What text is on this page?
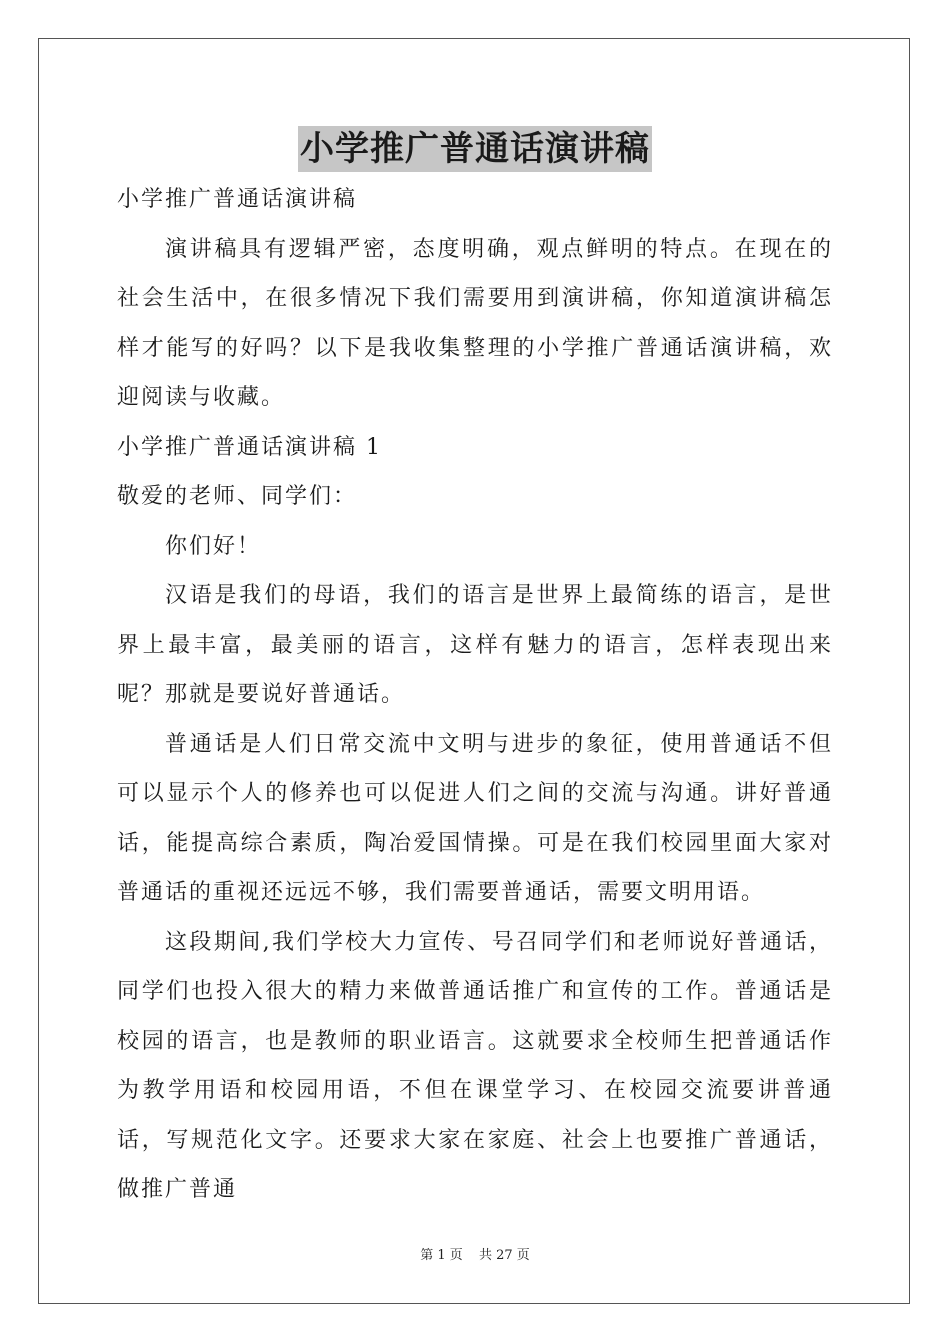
小学推广普通话演讲稿

小学推广普通话演讲稿

演讲稿具有逻辑严密，态度明确，观点鲜明的特点。在现在的社会生活中，在很多情况下我们需要用到演讲稿，你知道演讲稿怎样才能写的好吗？以下是我收集整理的小学推广普通话演讲稿，欢迎阅读与收藏。

小学推广普通话演讲稿 1

敬爱的老师、同学们：

你们好！

汉语是我们的母语，我们的语言是世界上最简练的语言，是世界上最丰富，最美丽的语言，这样有魅力的语言，怎样表现出来呢？那就是要说好普通话。

普通话是人们日常交流中文明与进步的象征，使用普通话不但可以显示个人的修养也可以促进人们之间的交流与沟通。讲好普通话，能提高综合素质，陶冶爱国情操。可是在我们校园里面大家对普通话的重视还远远不够，我们需要普通话，需要文明用语。

这段期间,我们学校大力宣传、号召同学们和老师说好普通话，同学们也投入很大的精力来做普通话推广和宣传的工作。普通话是校园的语言，也是教师的职业语言。这就要求全校师生把普通话作为教学用语和校园用语，不但在课堂学习、在校园交流要讲普通话，写规范化文字。还要求大家在家庭、社会上也要推广普通话，做推广普通

第 1 页 共 27 页
